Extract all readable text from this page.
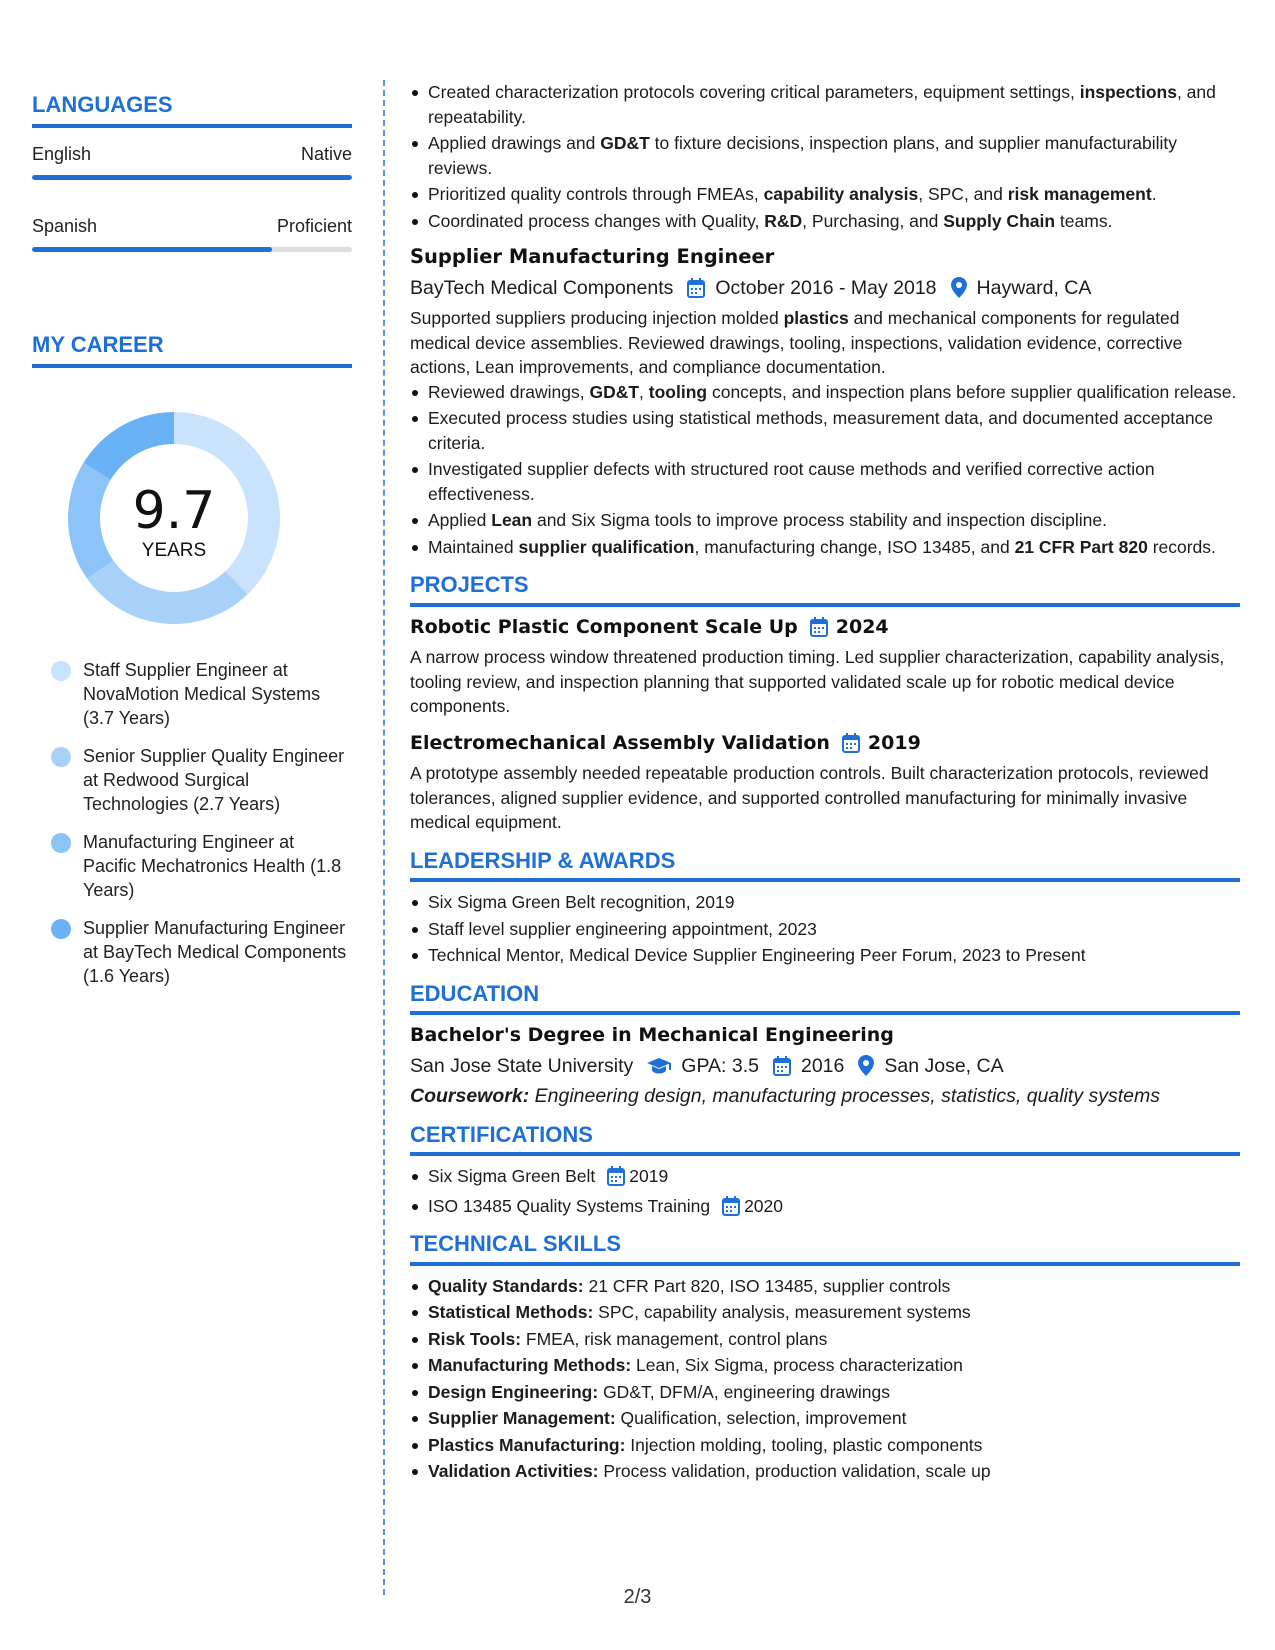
LANGUAGES
English	Native
Spanish	Proficient
MY CAREER
9.7
YEARS
Staff Supplier Engineer at NovaMotion Medical Systems (3.7 Years)
Senior Supplier Quality Engineer at Redwood Surgical Technologies (2.7 Years)
Manufacturing Engineer at Pacific Mechatronics Health (1.8 Years)
Supplier Manufacturing Engineer at BayTech Medical Components (1.6 Years)
Created characterization protocols covering critical parameters, equipment settings, inspections, and repeatability.
Applied drawings and GD&T to fixture decisions, inspection plans, and supplier manufacturability reviews.
Prioritized quality controls through FMEAs, capability analysis, SPC, and risk management.
Coordinated process changes with Quality, R&D, Purchasing, and Supply Chain teams.
Supplier Manufacturing Engineer
BayTech Medical Components October 2016 - May 2018 Hayward, CA
Supported suppliers producing injection molded plastics and mechanical components for regulated medical device assemblies. Reviewed drawings, tooling, inspections, validation evidence, corrective actions, Lean improvements, and compliance documentation.
Reviewed drawings, GD&T, tooling concepts, and inspection plans before supplier qualification release.
Executed process studies using statistical methods, measurement data, and documented acceptance criteria.
Investigated supplier defects with structured root cause methods and verified corrective action effectiveness.
Applied Lean and Six Sigma tools to improve process stability and inspection discipline.
Maintained supplier qualification, manufacturing change, ISO 13485, and 21 CFR Part 820 records.
PROJECTS
Robotic Plastic Component Scale Up 2024
A narrow process window threatened production timing. Led supplier characterization, capability analysis, tooling review, and inspection planning that supported validated scale up for robotic medical device components.
Electromechanical Assembly Validation 2019
A prototype assembly needed repeatable production controls. Built characterization protocols, reviewed tolerances, aligned supplier evidence, and supported controlled manufacturing for minimally invasive medical equipment.
LEADERSHIP & AWARDS
Six Sigma Green Belt recognition, 2019
Staff level supplier engineering appointment, 2023
Technical Mentor, Medical Device Supplier Engineering Peer Forum, 2023 to Present
EDUCATION
Bachelor's Degree in Mechanical Engineering
San Jose State University GPA: 3.5 2016 San Jose, CA
Coursework: Engineering design, manufacturing processes, statistics, quality systems
CERTIFICATIONS
Six Sigma Green Belt 2019
ISO 13485 Quality Systems Training 2020
TECHNICAL SKILLS
Quality Standards: 21 CFR Part 820, ISO 13485, supplier controls
Statistical Methods: SPC, capability analysis, measurement systems
Risk Tools: FMEA, risk management, control plans
Manufacturing Methods: Lean, Six Sigma, process characterization
Design Engineering: GD&T, DFM/A, engineering drawings
Supplier Management: Qualification, selection, improvement
Plastics Manufacturing: Injection molding, tooling, plastic components
Validation Activities: Process validation, production validation, scale up
2/3
